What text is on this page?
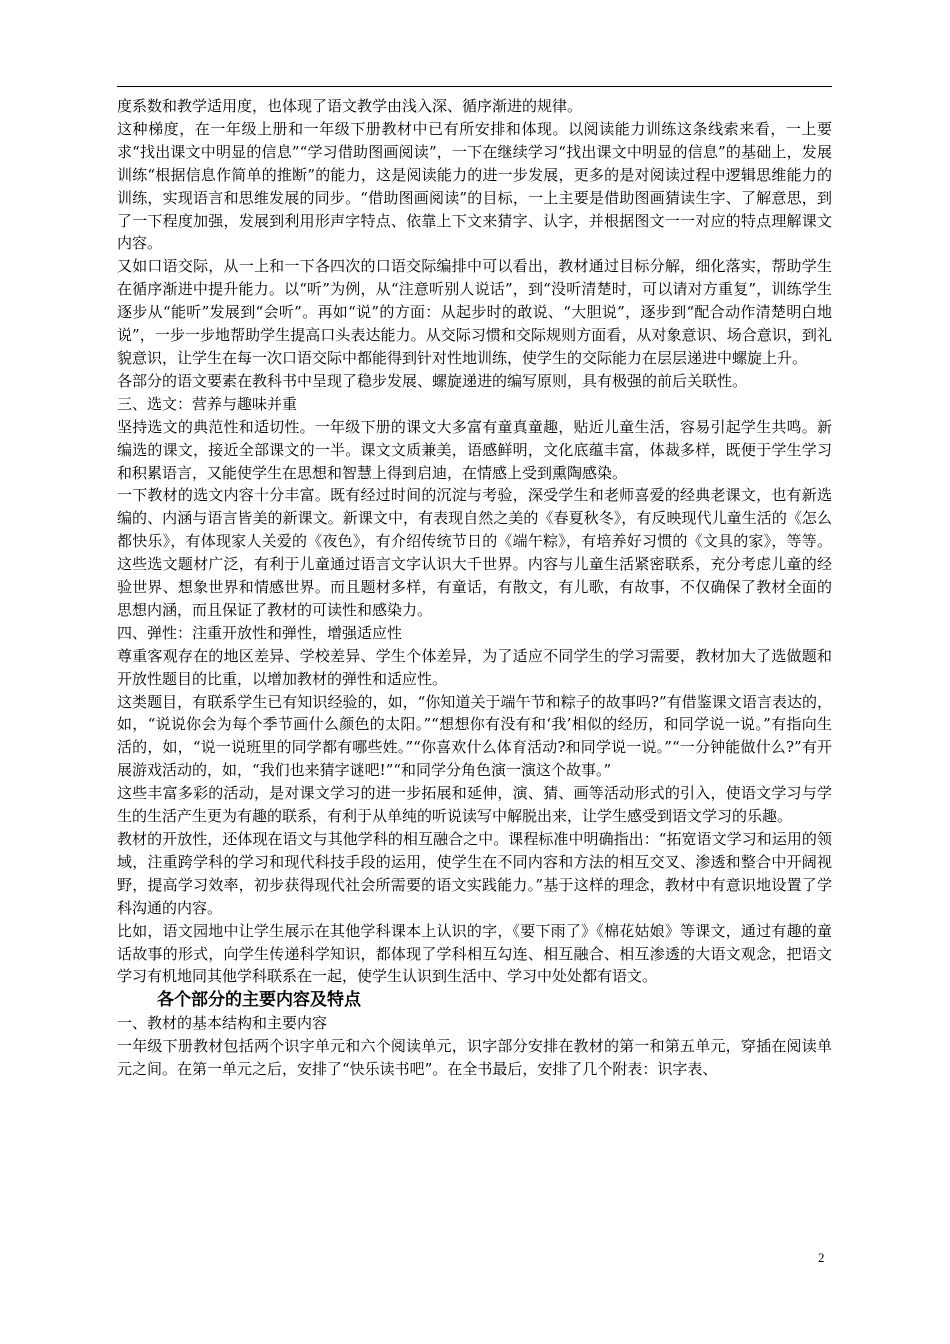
度系数和教学适用度，也体现了语文教学由浅入深、循序渐进的规律。

这种梯度，在一年级上册和一年级下册教材中已有所安排和体现。以阅读能力训练这条线索来看，一上要求“找出课文中明显的信息”“学习借助图画阅读”，一下在继续学习“找出课文中明显的信息”的基础上，发展训练“根据信息作简单的推断”的能力，这是阅读能力的进一步发展，更多的是对阅读过程中逻辑思维能力的训练，实现语言和思维发展的同步。“借助图画阅读”的目标，一上主要是借助图画猜读生字、了解意思，到了一下程度加强，发展到利用形声字特点、依靠上下文来猜字、认字，并根据图文一一对应的特点理解课文内容。

又如口语交际，从一上和一下各四次的口语交际编排中可以看出，教材通过目标分解，细化落实，帮助学生在循序渐进中提升能力。以“听”为例，从“注意听别人说话”，到“没听清楚时，可以请对方重复”，训练学生逐步从“能听”发展到“会听”。再如“说”的方面：从起步时的敢说、“大胆说”，逐步到“配合动作清楚明白地说”，一步一步地帮助学生提高口头表达能力。从交际习惯和交际规则方面看，从对象意识、场合意识，到礼貌意识，让学生在每一次口语交际中都能得到针对性地训练，使学生的交际能力在层层递进中螺旋上升。

各部分的语文要素在教科书中呈现了稳步发展、螺旋递进的编写原则，具有极强的前后关联性。

三、选文：营养与趣味并重

坚持选文的典范性和适切性。一年级下册的课文大多富有童真童趣，贴近儿童生活，容易引起学生共鸣。新编选的课文，接近全部课文的一半。课文文质兼美，语感鲜明，文化底蕴丰富，体裁多样，既便于学生学习和积累语言，又能使学生在思想和智慧上得到启迪，在情感上受到熏陶感染。

一下教材的选文内容十分丰富。既有经过时间的沉淀与考验，深受学生和老师喜爱的经典老课文，也有新选编的、内涵与语言皆美的新课文。新课文中，有表现自然之美的《春夏秋冬》，有反映现代儿童生活的《怎么都快乐》，有体现家人关爱的《夜色》，有介绍传统节日的《端午粽》，有培养好习惯的《文具的家》，等等。这些选文题材广泛，有利于儿童通过语言文字认识大千世界。内容与儿童生活紧密联系，充分考虑儿童的经验世界、想象世界和情感世界。而且题材多样，有童话，有散文，有儿歌，有故事，不仅确保了教材全面的思想内涵，而且保证了教材的可读性和感染力。

四、弹性：注重开放性和弹性，增强适应性

尊重客观存在的地区差异、学校差异、学生个体差异，为了适应不同学生的学习需要，教材加大了选做题和开放性题目的比重，以增加教材的弹性和适应性。

这类题目，有联系学生已有知识经验的，如，“你知道关于端午节和粽子的故事吗?”有借鉴课文语言表达的，如，“说说你会为每个季节画什么颜色的太阳。”“想想你有没有和‘我’相似的经历，和同学说一说。”有指向生活的，如，“说一说班里的同学都有哪些姓。”“你喜欢什么体育活动?和同学说一说。”“一分钟能做什么?”有开展游戏活动的，如，“我们也来猜字谜吧!”“和同学分角色演一演这个故事。”

这些丰富多彩的活动，是对课文学习的进一步拓展和延伸，演、猜、画等活动形式的引入，使语文学习与学生的生活产生更为有趣的联系，有利于从单纯的听说读写中解脱出来，让学生感受到语文学习的乐趣。

教材的开放性，还体现在语文与其他学科的相互融合之中。课程标准中明确指出：“拓宽语文学习和运用的领域，注重跨学科的学习和现代科技手段的运用，使学生在不同内容和方法的相互交叉、渗透和整合中开阔视野，提高学习效率，初步获得现代社会所需要的语文实践能力。”基于这样的理念，教材中有意识地设置了学科沟通的内容。

比如，语文园地中让学生展示在其他学科课本上认识的字，《要下雨了》《棉花姑娘》等课文，通过有趣的童话故事的形式，向学生传递科学知识，都体现了学科相互勾连、相互融合、相互渗透的大语文观念，把语文学习有机地同其他学科联系在一起，使学生认识到生活中、学习中处处都有语文。

各个部分的主要内容及特点

一、教材的基本结构和主要内容

一年级下册教材包括两个识字单元和六个阅读单元，识字部分安排在教材的第一和第五单元，穿插在阅读单元之间。在第一单元之后，安排了“快乐读书吧”。在全书最后，安排了几个附表：识字表、

2
